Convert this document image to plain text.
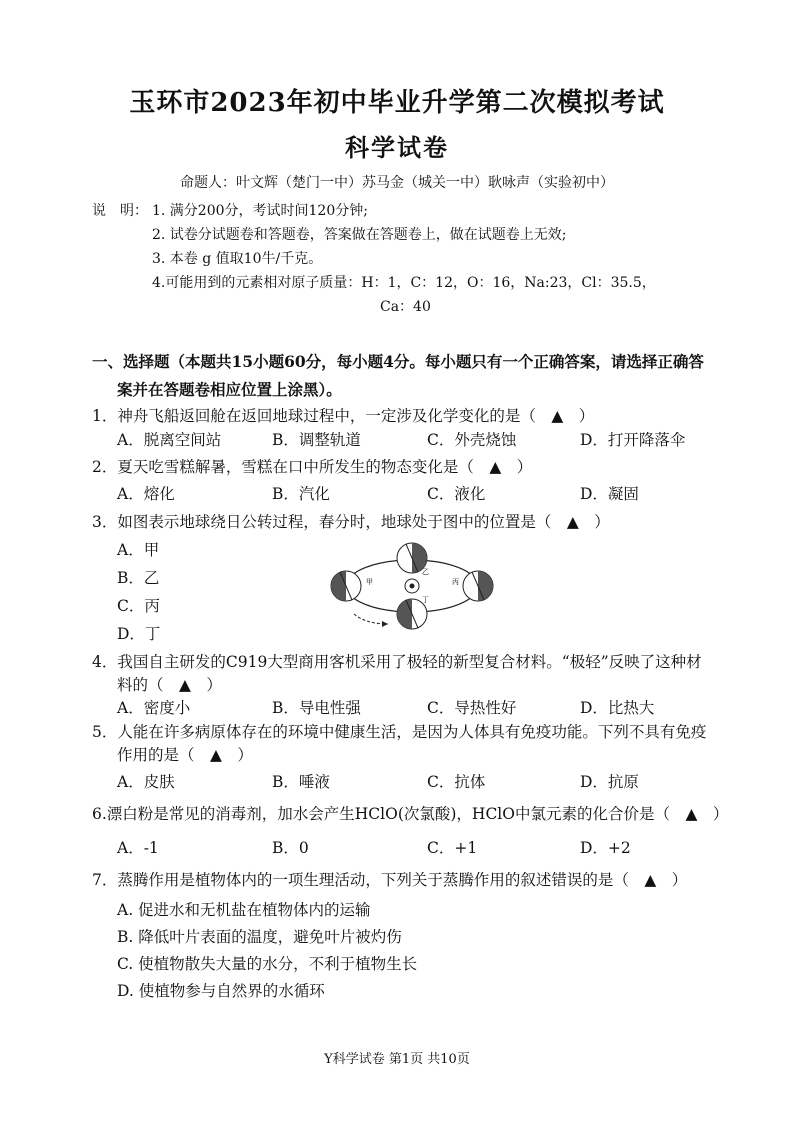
玉环市2023年初中毕业升学第二次模拟考试
科学试卷
命题人：叶文辉（楚门一中）苏马金（城关一中）耿咏声（实验初中）
说　明： 1. 满分200分，考试时间120分钟;
2. 试卷分试题卷和答题卷，答案做在答题卷上，做在试题卷上无效;
3. 本卷 g 值取10牛/千克。
4.可能用到的元素相对原子质量：H：1，C：12，O：16，Na:23，Cl：35.5，
Ca：40
一、选择题（本题共15小题60分，每小题4分。每小题只有一个正确答案，请选择正确答
案并在答题卷相应位置上涂黑）。
1．神舟飞船返回舱在返回地球过程中，一定涉及化学变化的是（　▲　）
A．脱离空间站	B．调整轨道	C．外壳烧蚀	D．打开降落伞
2．夏天吃雪糕解暑，雪糕在口中所发生的物态变化是（　▲　）
A．熔化	B．汽化	C．液化	D．凝固
3．如图表示地球绕日公转过程，春分时，地球处于图中的位置是（　▲　）
A．甲
B．乙
C．丙
D．丁
甲
乙
丙
丁
4．我国自主研发的C919大型商用客机采用了极轻的新型复合材料。“极轻”反映了这种材
料的（　▲　）
A．密度小	B．导电性强	C．导热性好	D．比热大
5．人能在许多病原体存在的环境中健康生活，是因为人体具有免疫功能。下列不具有免疫
作用的是（　▲　）
A．皮肤	B．唾液	C．抗体	D．抗原
6.漂白粉是常见的消毒剂，加水会产生HClO(次氯酸)，HClO中氯元素的化合价是（　▲　）
A．-1	B．0	C．+1	D．+2
7．蒸腾作用是植物体内的一项生理活动，下列关于蒸腾作用的叙述错误的是（　▲　）
A. 促进水和无机盐在植物体内的运输
B. 降低叶片表面的温度，避免叶片被灼伤
C. 使植物散失大量的水分，不利于植物生长
D. 使植物参与自然界的水循环
Y科学试卷 第1页 共10页
